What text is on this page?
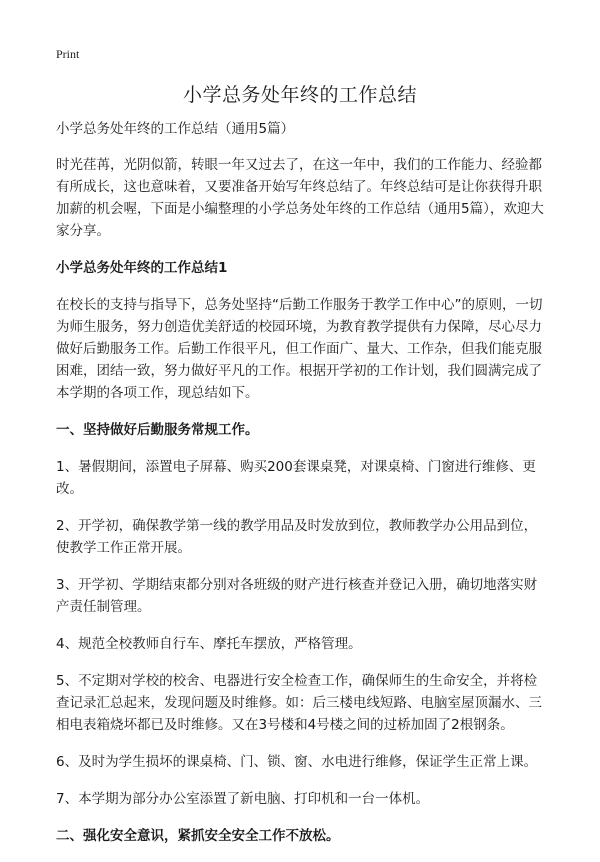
Print
小学总务处年终的工作总结

小学总务处年终的工作总结（通用5篇）

时光荏苒，光阴似箭，转眼一年又过去了，在这一年中，我们的工作能力、经验都有所成长，这也意味着，又要准备开始写年终总结了。年终总结可是让你获得升职加薪的机会喔，下面是小编整理的小学总务处年终的工作总结（通用5篇），欢迎大家分享。

小学总务处年终的工作总结1

在校长的支持与指导下，总务处坚持“后勤工作服务于教学工作中心”的原则，一切为师生服务，努力创造优美舒适的校园环境，为教育教学提供有力保障，尽心尽力做好后勤服务工作。后勤工作很平凡，但工作面广、量大、工作杂，但我们能克服困难，团结一致，努力做好平凡的工作。根据开学初的工作计划，我们圆满完成了本学期的各项工作，现总结如下。

一、坚持做好后勤服务常规工作。

1、暑假期间，添置电子屏幕、购买200套课桌凳，对课桌椅、门窗进行维修、更改。

2、开学初，确保教学第一线的教学用品及时发放到位，教师教学办公用品到位，使教学工作正常开展。

3、开学初、学期结束都分别对各班级的财产进行核查并登记入册，确切地落实财产责任制管理。

4、规范全校教师自行车、摩托车摆放，严格管理。

5、不定期对学校的校舍、电器进行安全检查工作，确保师生的生命安全，并将检查记录汇总起来，发现问题及时维修。如：后三楼电线短路、电脑室屋顶漏水、三相电表箱烧坏都已及时维修。又在3号楼和4号楼之间的过桥加固了2根钢条。

6、及时为学生损坏的课桌椅、门、锁、窗、水电进行维修，保证学生正常上课。

7、本学期为部分办公室添置了新电脑、打印机和一台一体机。

二、强化安全意识，紧抓安全安全工作不放松。
